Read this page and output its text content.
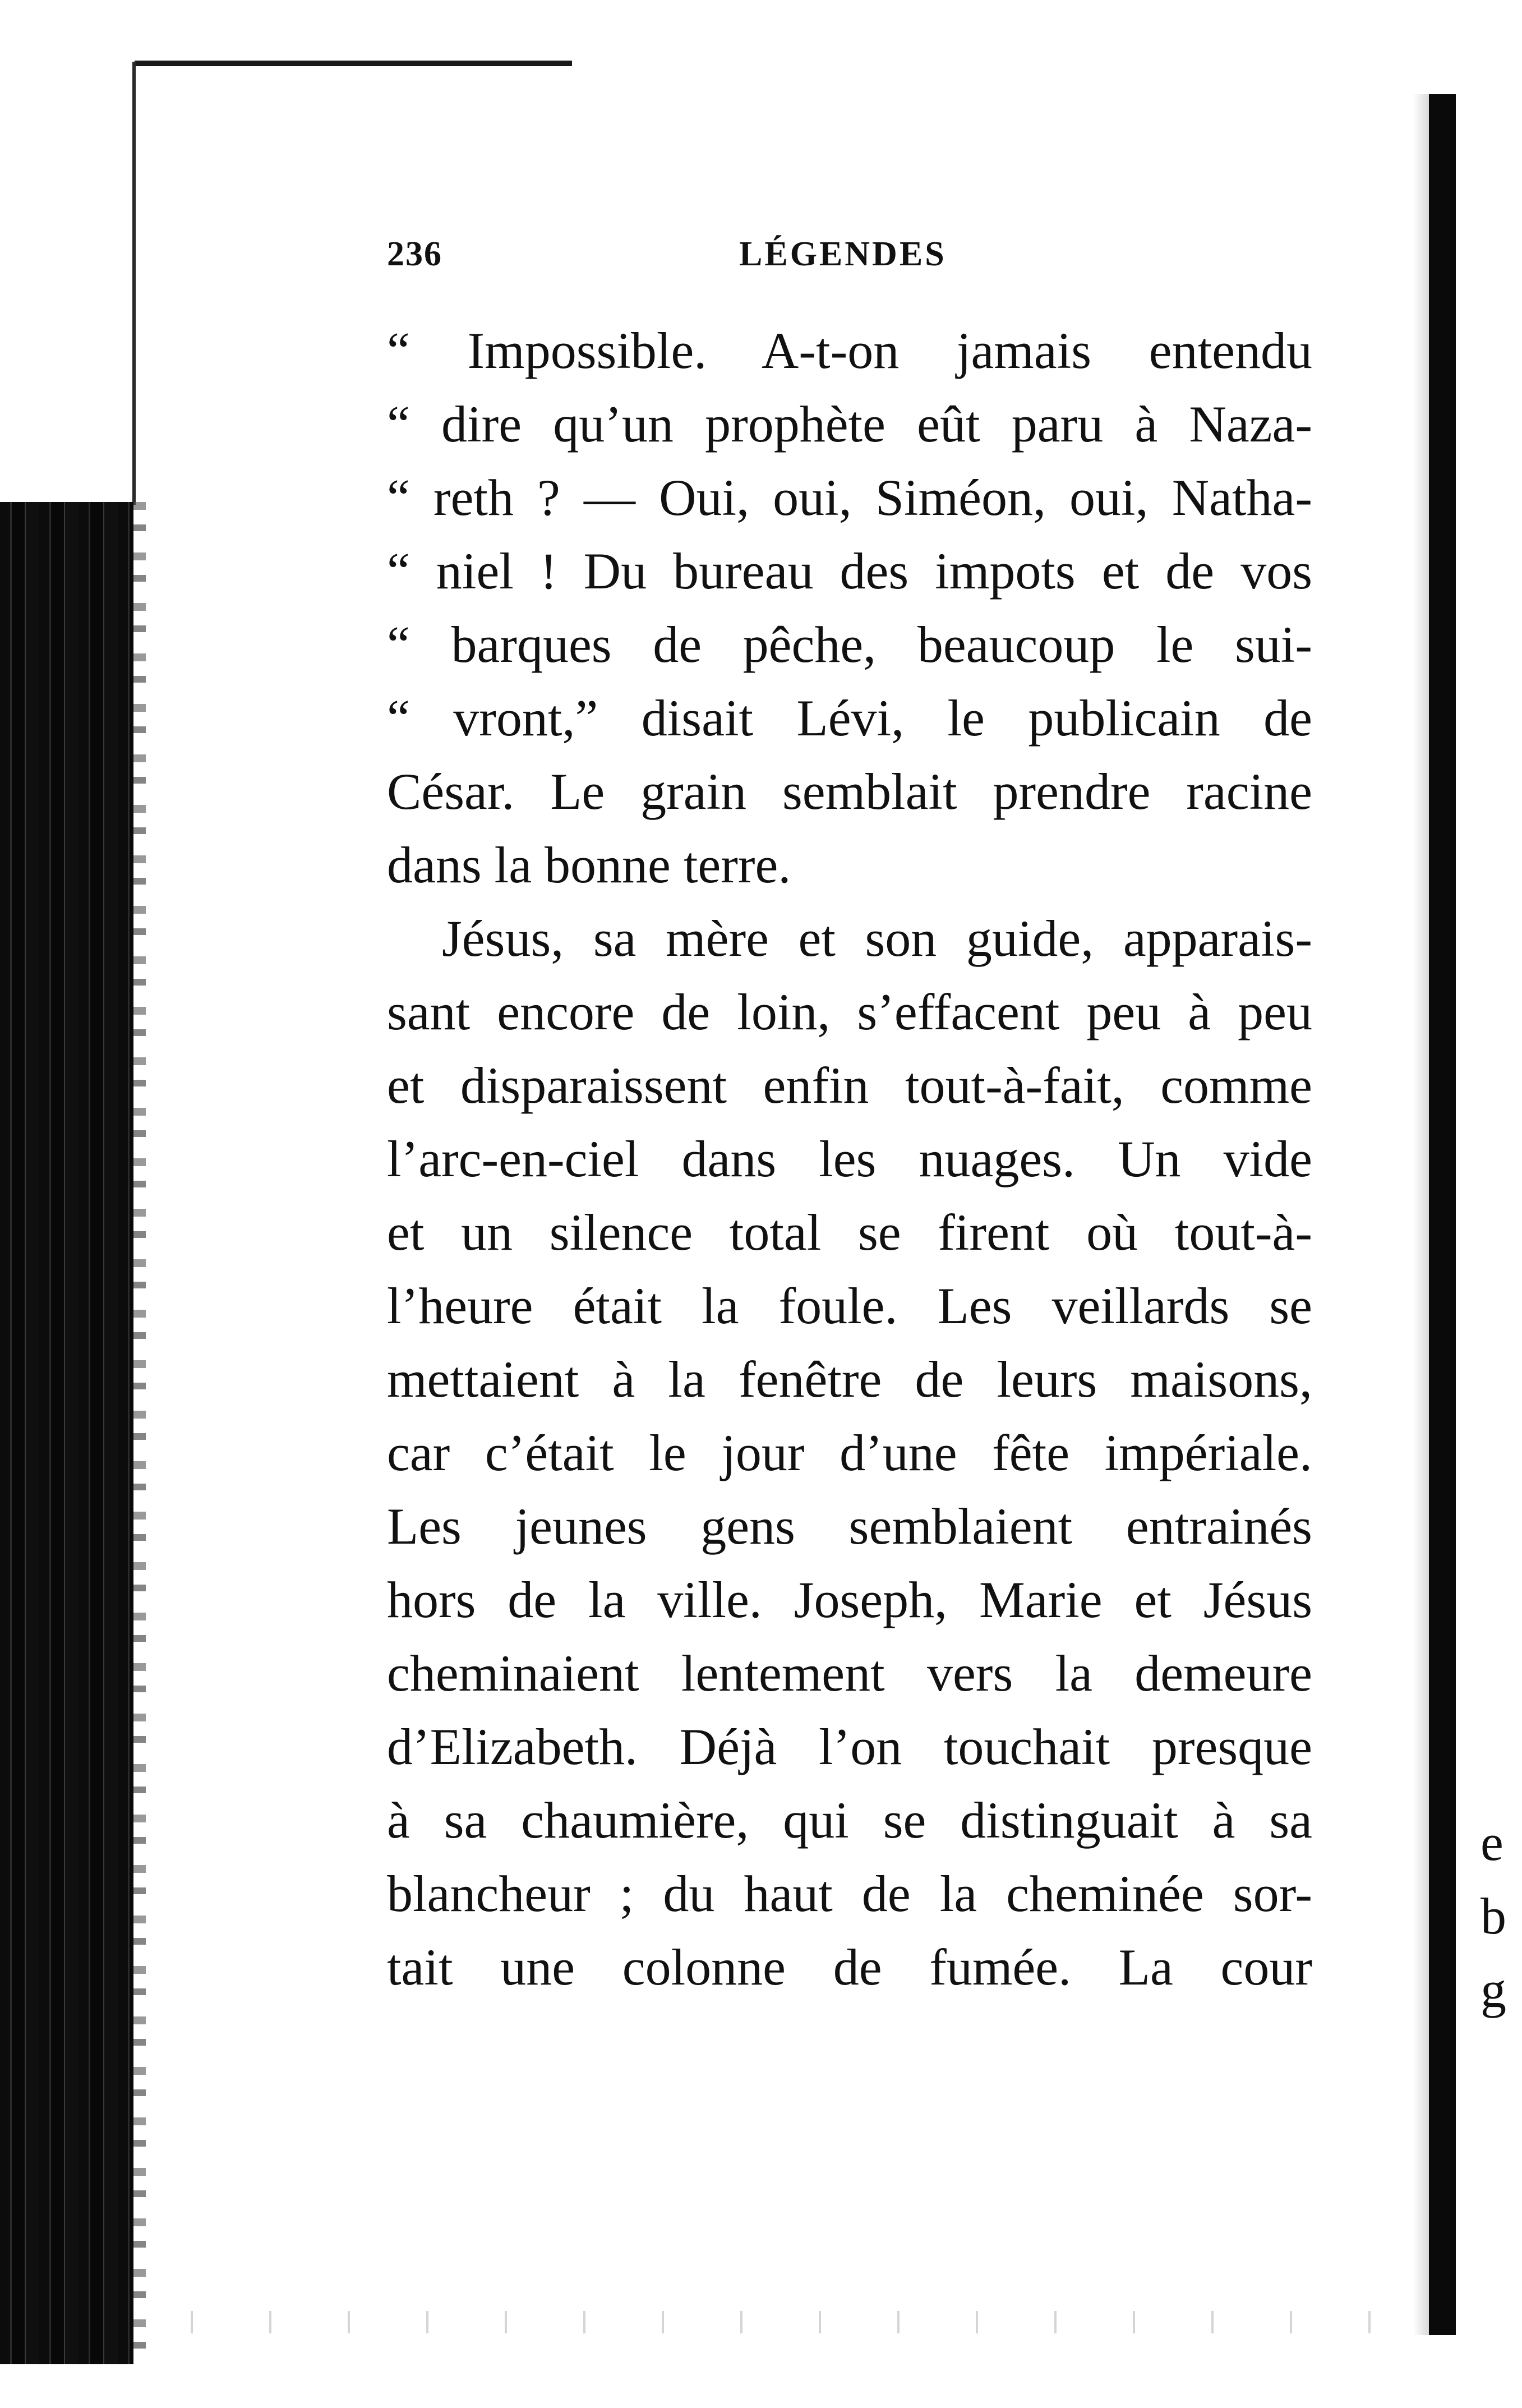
236	LÉGENDES
“ Impossible. A-t-on jamais entendu
“ dire qu’un prophète eût paru à Naza-
“ reth ? — Oui, oui, Siméon, oui, Natha-
“ niel ! Du bureau des impots et de vos
“ barques de pêche, beaucoup le sui-
“ vront,” disait Lévi, le publicain de
César. Le grain semblait prendre racine
dans la bonne terre.
Jésus, sa mère et son guide, apparais-
sant encore de loin, s’effacent peu à peu
et disparaissent enfin tout-à-fait, comme
l’arc-en-ciel dans les nuages. Un vide
et un silence total se firent où tout-à-
l’heure était la foule. Les veillards se
mettaient à la fenêtre de leurs maisons,
car c’était le jour d’une fête impériale.
Les jeunes gens semblaient entrainés
hors de la ville. Joseph, Marie et Jésus
cheminaient lentement vers la demeure
d’Elizabeth. Déjà l’on touchait presque
à sa chaumière, qui se distinguait à sa
blancheur ; du haut de la cheminée sor-
tait une colonne de fumée. La cour
e
b
g
